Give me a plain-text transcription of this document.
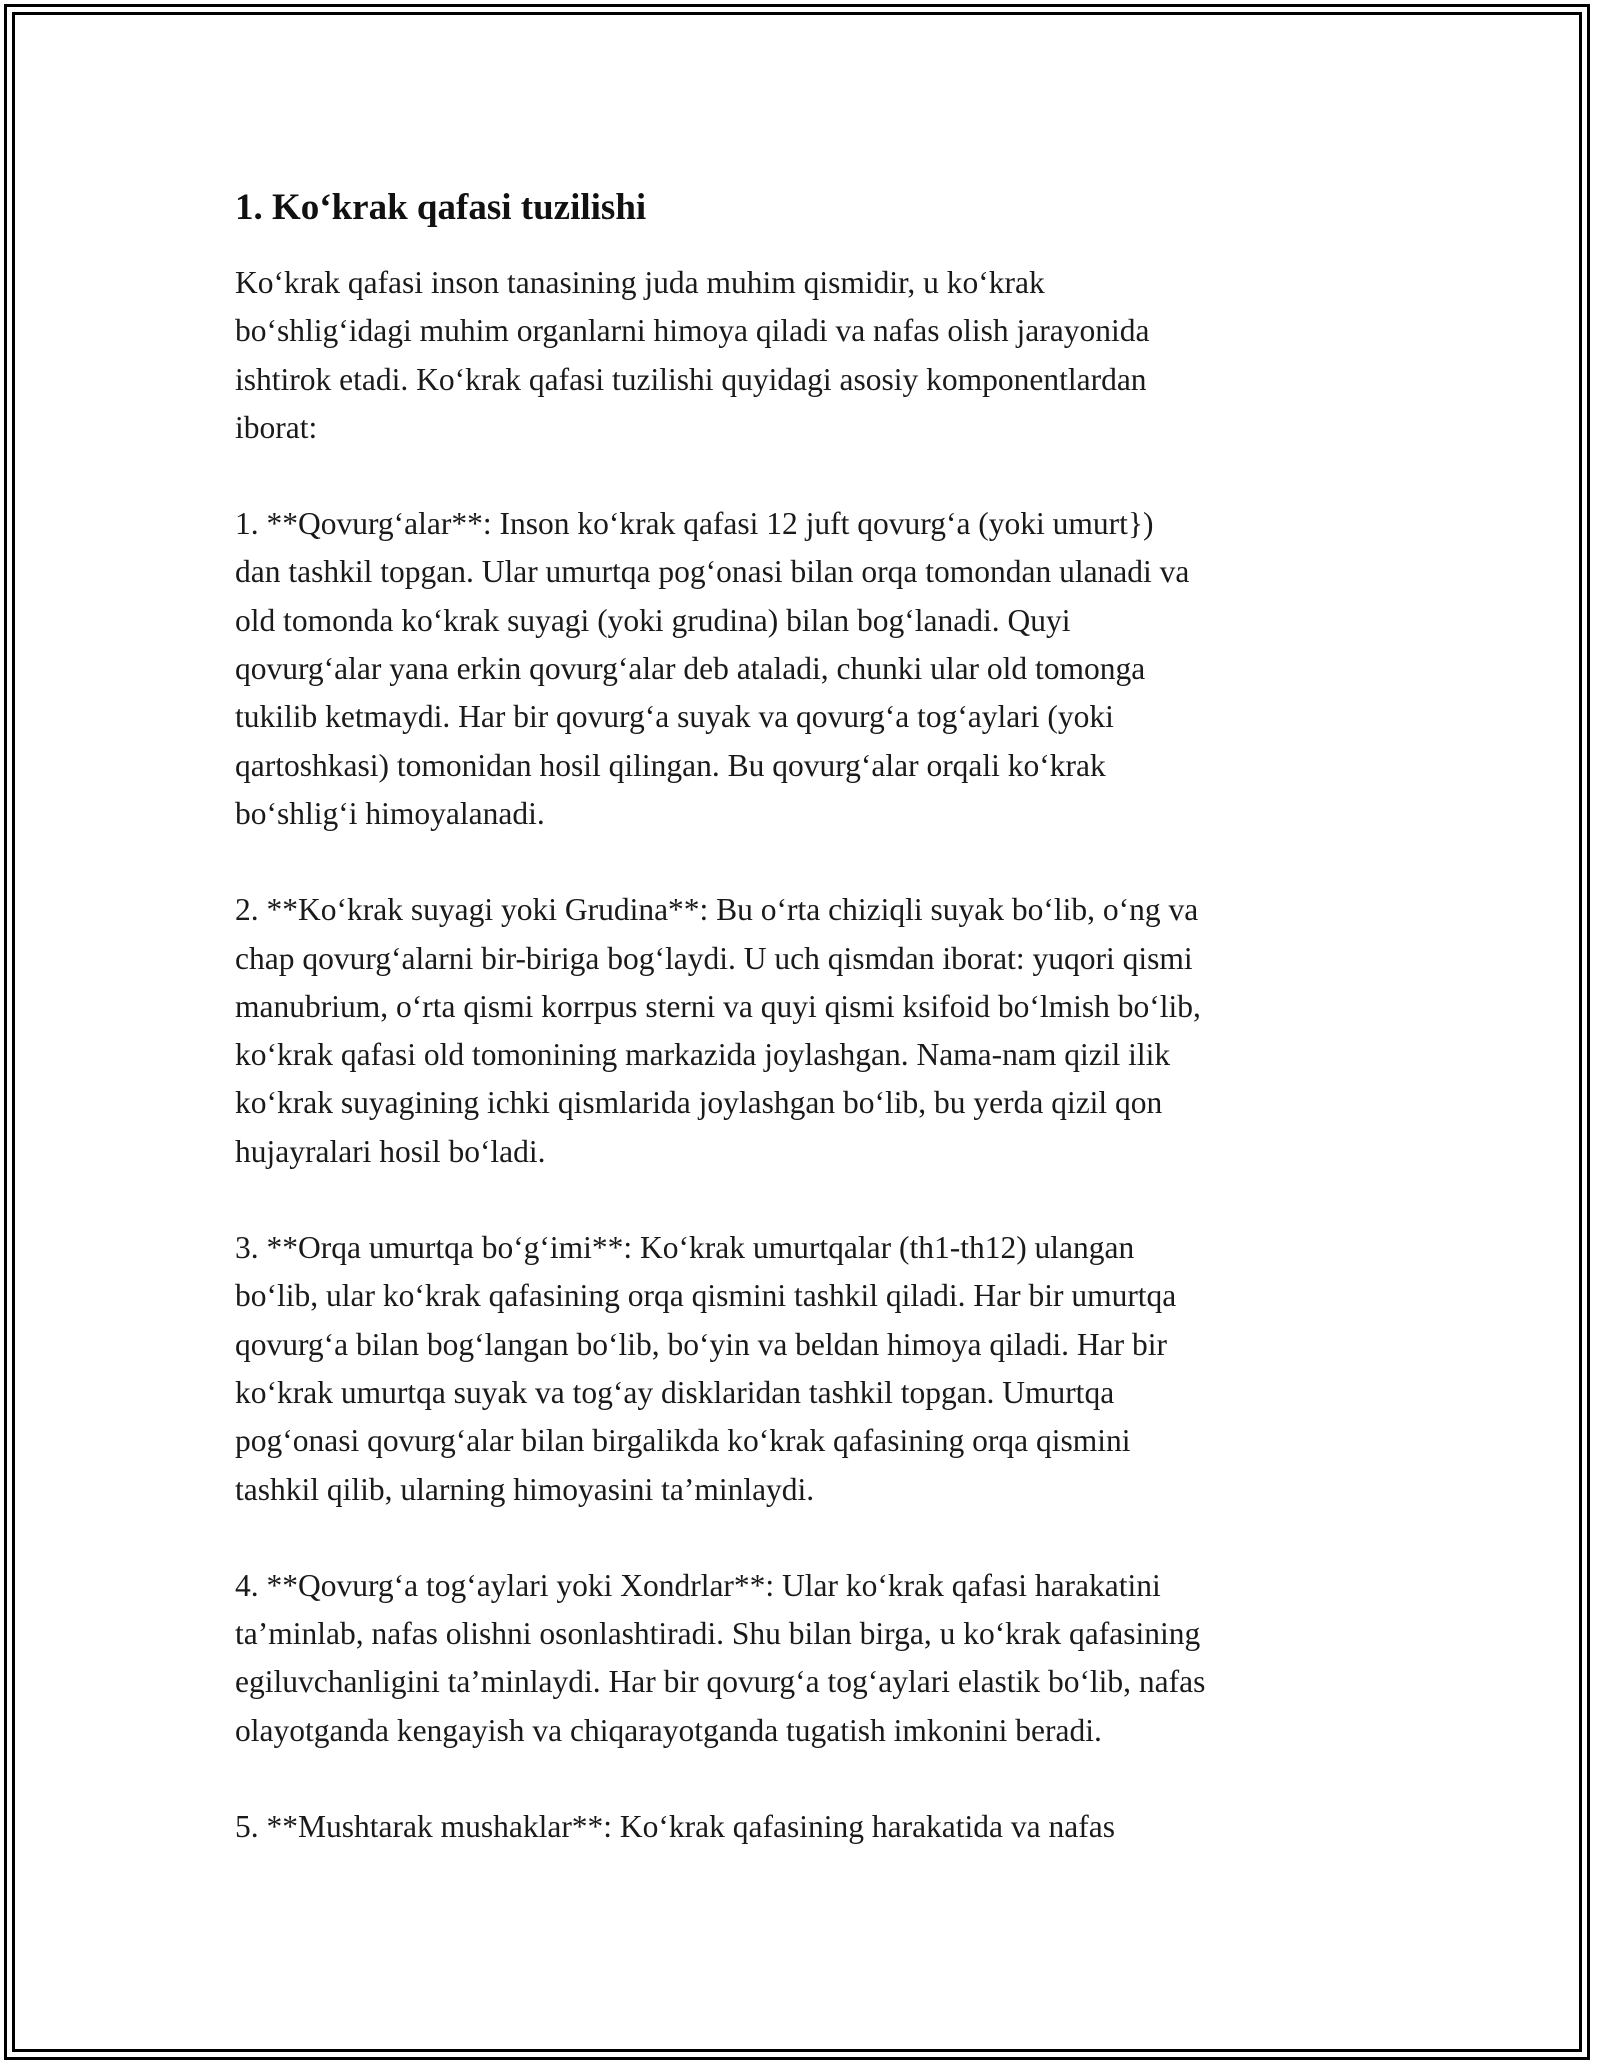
1. Ko‘krak qafasi tuzilishi

Ko‘krak qafasi inson tanasining juda muhim qismidir, u ko‘krak
bo‘shlig‘idagi muhim organlarni himoya qiladi va nafas olish jarayonida
ishtirok etadi. Ko‘krak qafasi tuzilishi quyidagi asosiy komponentlardan
iborat:

1. **Qovurg‘alar**: Inson ko‘krak qafasi 12 juft qovurg‘a (yoki umurt})
dan tashkil topgan. Ular umurtqa pog‘onasi bilan orqa tomondan ulanadi va
old tomonda ko‘krak suyagi (yoki grudina) bilan bog‘lanadi. Quyi
qovurg‘alar yana erkin qovurg‘alar deb ataladi, chunki ular old tomonga
tukilib ketmaydi. Har bir qovurg‘a suyak va qovurg‘a tog‘aylari (yoki
qartoshkasi) tomonidan hosil qilingan. Bu qovurg‘alar orqali ko‘krak
bo‘shlig‘i himoyalanadi.

2. **Ko‘krak suyagi yoki Grudina**: Bu o‘rta chiziqli suyak bo‘lib, o‘ng va
chap qovurg‘alarni bir-biriga bog‘laydi. U uch qismdan iborat: yuqori qismi
manubrium, o‘rta qismi korrpus sterni va quyi qismi ksifoid bo‘lmish bo‘lib,
ko‘krak qafasi old tomonining markazida joylashgan. Nama-nam qizil ilik
ko‘krak suyagining ichki qismlarida joylashgan bo‘lib, bu yerda qizil qon
hujayralari hosil bo‘ladi.

3. **Orqa umurtqa bo‘g‘imi**: Ko‘krak umurtqalar (th1-th12) ulangan
bo‘lib, ular ko‘krak qafasining orqa qismini tashkil qiladi. Har bir umurtqa
qovurg‘a bilan bog‘langan bo‘lib, bo‘yin va beldan himoya qiladi. Har bir
ko‘krak umurtqa suyak va tog‘ay disklaridan tashkil topgan. Umurtqa
pog‘onasi qovurg‘alar bilan birgalikda ko‘krak qafasining orqa qismini
tashkil qilib, ularning himoyasini ta’minlaydi.

4. **Qovurg‘a tog‘aylari yoki Xondrlar**: Ular ko‘krak qafasi harakatini
ta’minlab, nafas olishni osonlashtiradi. Shu bilan birga, u ko‘krak qafasining
egiluvchanligini ta’minlaydi. Har bir qovurg‘a tog‘aylari elastik bo‘lib, nafas
olayotganda kengayish va chiqarayotganda tugatish imkonini beradi.

5. **Mushtarak mushaklar**: Ko‘krak qafasining harakatida va nafas
